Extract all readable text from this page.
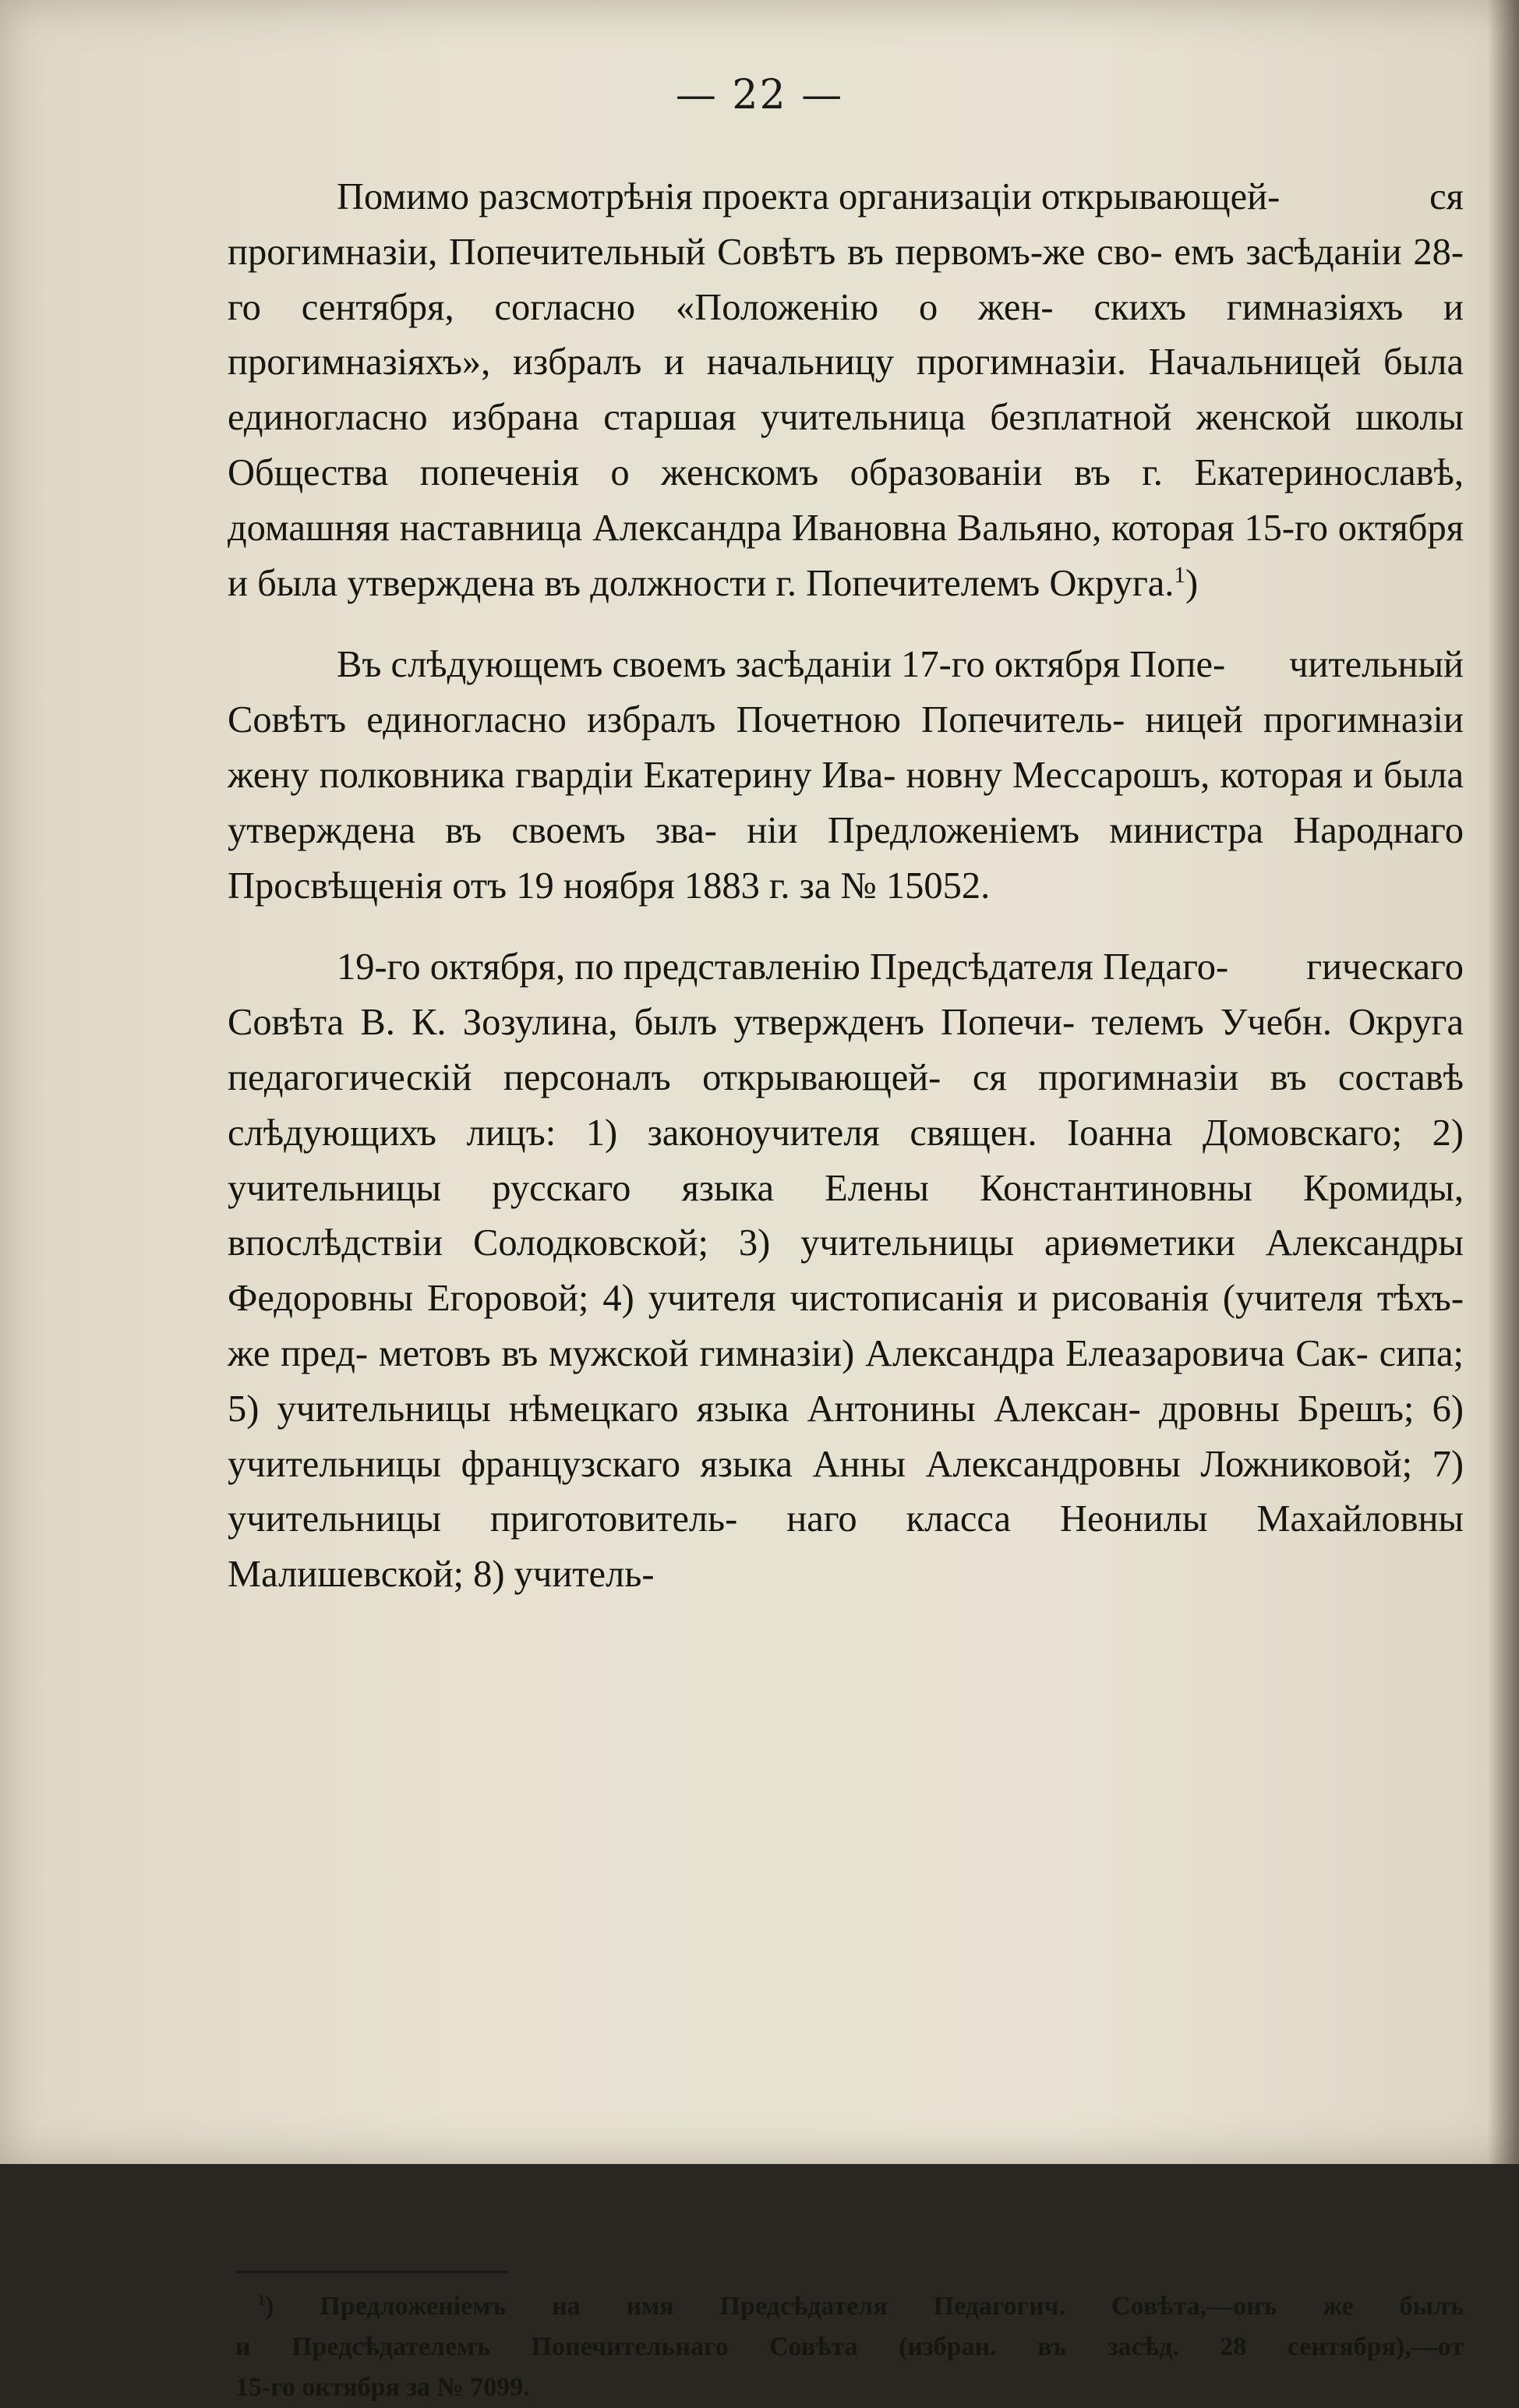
— 22 —

Помимо разсмотрѣнія проекта организаціи открывающей-	ся прогимназіи, Попечительный Совѣтъ въ первомъ-же сво- емъ засѣданіи 28-го сентября, согласно «Положенію о жен- скихъ гимназіяхъ и прогимназіяхъ», избралъ и начальницу прогимназіи. Начальницей была единогласно избрана старшая учительница безплатной женской школы Общества попеченія о женскомъ образованіи въ г. Екатеринославѣ, домашняя наставница Александра Ивановна Вальяно, которая 15-го октября и была утверждена въ должности г. Попечителемъ Округа.$^1$)

Въ слѣдующемъ своемъ засѣданіи 17-го октября Попе- чительный Совѣтъ единогласно избралъ Почетною Попечитель- ницей прогимназіи жену полковника гвардіи Екатерину Ива- новну Мессарошъ, которая и была утверждена въ своемъ зва- ніи Предложеніемъ министра Народнаго Просвѣщенія отъ 19 ноября 1883 г. за № 15052.

19-го октября, по представленію Предсѣдателя Педаго- гическаго Совѣта В. К. Зозулина, былъ утвержденъ Попечи- телемъ Учебн. Округа педагогическій персоналъ открывающей- ся прогимназіи въ составѣ слѣдующихъ лицъ: 1) законоучителя священ. Іоанна Домовскаго; 2) учительницы русскаго языка Елены Константиновны Кромиды, впослѣдствіи Солодковской; 3) учительницы ариѳметики Александры Федоровны Егоровой; 4) учителя чистописанія и рисованія (учителя тѣхъ-же пред- метовъ въ мужской гимназіи) Александра Елеазаровича Сак- сипа; 5) учительницы нѣмецкаго языка Антонины Алексан- дровны Брешъ; 6) учительницы французскаго языка Анны Александровны Ложниковой; 7) учительницы приготовитель- наго класса Неонилы Махайловны Малишевской; 8) учитель-

$^1$) Предложеніемъ на имя Предсѣдателя Педагогич. Совѣта,—онъ же былъ
и Предсѣдателемъ Попечительнаго Совѣта (избран. въ засѣд. 28 сентября),—от
15-го октября за № 7099.
